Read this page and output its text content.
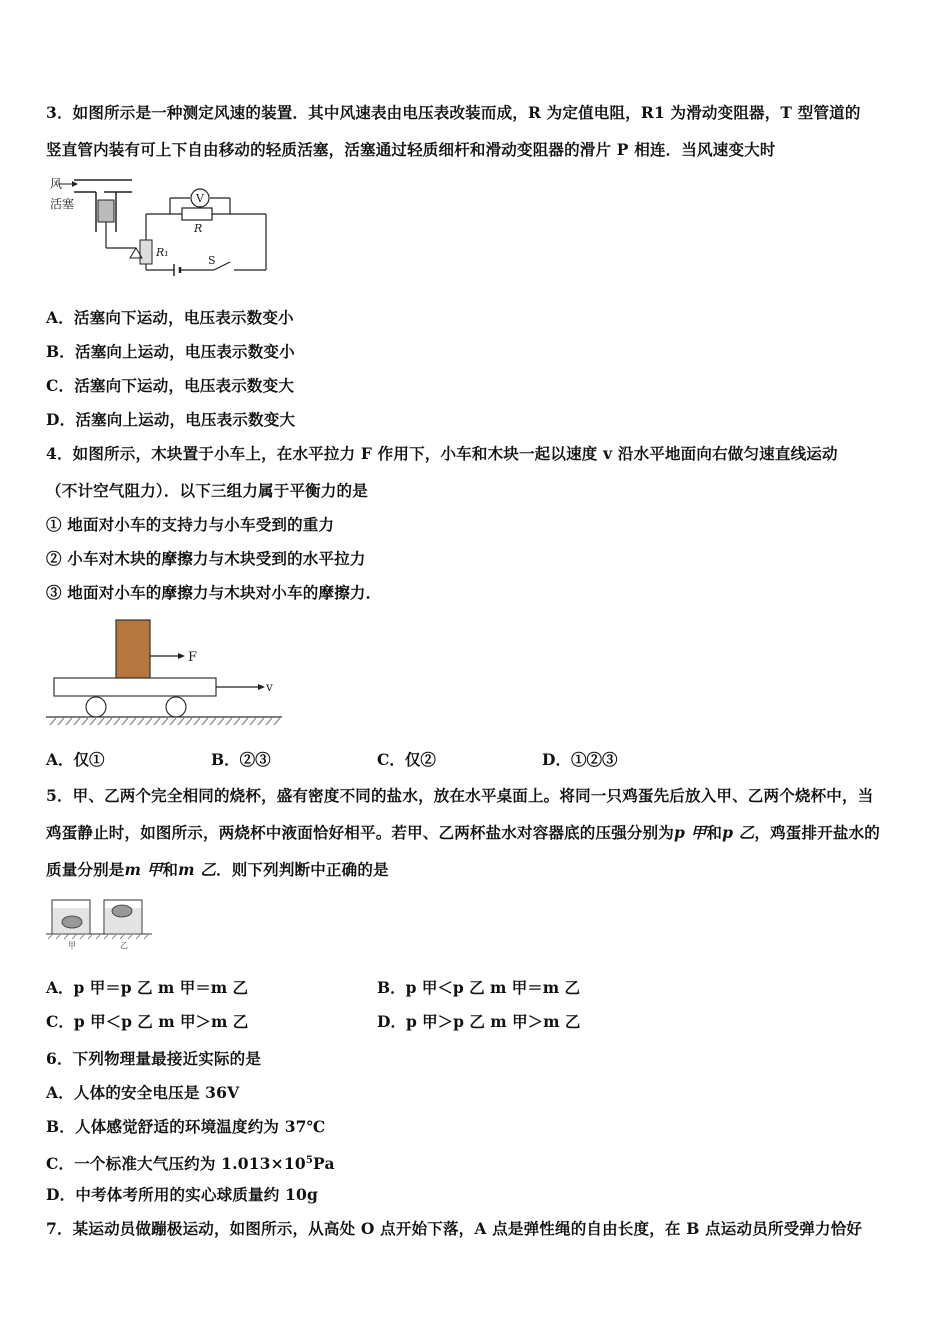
3．如图所示是一种测定风速的装置．其中风速表由电压表改装而成，R 为定值电阻，R1 为滑动变阻器，T 型管道的
竖直管内装有可上下自由移动的轻质活塞，活塞通过轻质细杆和滑动变阻器的滑片 P 相连．当风速变大时
风
活塞
R₁
S
R
V
A．活塞向下运动，电压表示数变小
B．活塞向上运动，电压表示数变小
C．活塞向下运动，电压表示数变大
D．活塞向上运动，电压表示数变大
4．如图所示，木块置于小车上，在水平拉力 F 作用下，小车和木块一起以速度 v 沿水平地面向右做匀速直线运动
（不计空气阻力）．以下三组力属于平衡力的是
① 地面对小车的支持力与小车受到的重力
② 小车对木块的摩擦力与木块受到的水平拉力
③ 地面对小车的摩擦力与木块对小车的摩擦力．
F
v
A．仅①	B．②③	C．仅②	D．①②③
5．甲、乙两个完全相同的烧杯，盛有密度不同的盐水，放在水平桌面上。将同一只鸡蛋先后放入甲、乙两个烧杯中，当
鸡蛋静止时，如图所示，两烧杯中液面恰好相平。若甲、乙两杯盐水对容器底的压强分别为p 甲和p 乙，鸡蛋排开盐水的
质量分别是m 甲和m 乙．则下列判断中正确的是
甲	乙
A．p 甲＝p 乙 m 甲＝m 乙	B．p 甲＜p 乙 m 甲＝m 乙
C．p 甲＜p 乙 m 甲＞m 乙	D．p 甲＞p 乙 m 甲＞m 乙
6．下列物理量最接近实际的是
A．人体的安全电压是 36V
B．人体感觉舒适的环境温度约为 37℃
C．一个标准大气压约为 $1.013\times 10^5Pa$
D．中考体考所用的实心球质量约 10g
7．某运动员做蹦极运动，如图所示，从高处 O 点开始下落，A 点是弹性绳的自由长度，在 B 点运动员所受弹力恰好
